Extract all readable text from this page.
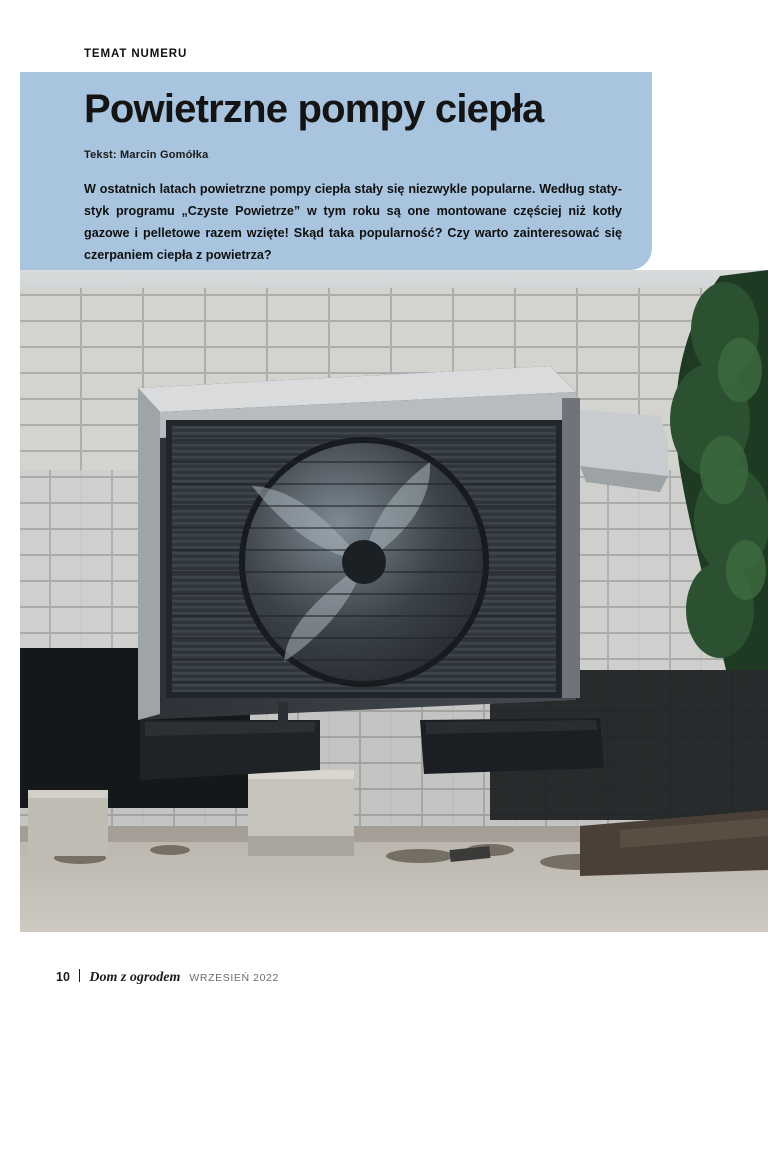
TEMAT NUMERU
Powietrzne pompy ciepła
Tekst: Marcin Gomółka
W ostatnich latach powietrzne pompy ciepła stały się niezwykle popularne. Według statystyk programu „Czyste Powietrze” w tym roku są one montowane częściej niż kotły gazowe i pelletowe razem wzięte! Skąd taka popularność? Czy warto zainteresować się czerpaniem ciepła z powietrza?
ZDJĘCIA: HEWALEX
10 Dom z ogrodem WRZESIEŃ 2022
